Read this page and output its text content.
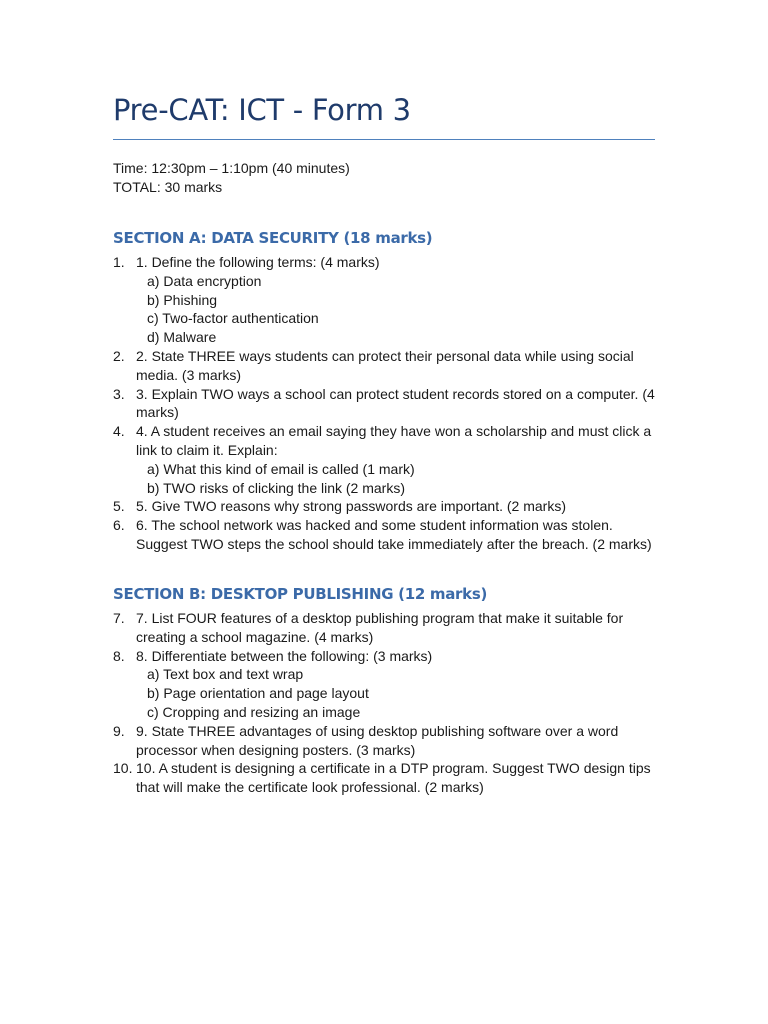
Pre-CAT: ICT - Form 3
Time: 12:30pm – 1:10pm (40 minutes)
TOTAL: 30 marks
SECTION A: DATA SECURITY (18 marks)
1. 1. Define the following terms: (4 marks)
a) Data encryption
b) Phishing
c) Two-factor authentication
d) Malware
2. 2. State THREE ways students can protect their personal data while using social media. (3 marks)
3. 3. Explain TWO ways a school can protect student records stored on a computer. (4 marks)
4. 4. A student receives an email saying they have won a scholarship and must click a link to claim it. Explain:
a) What this kind of email is called (1 mark)
b) TWO risks of clicking the link (2 marks)
5. 5. Give TWO reasons why strong passwords are important. (2 marks)
6. 6. The school network was hacked and some student information was stolen. Suggest TWO steps the school should take immediately after the breach. (2 marks)
SECTION B: DESKTOP PUBLISHING (12 marks)
7. 7. List FOUR features of a desktop publishing program that make it suitable for creating a school magazine. (4 marks)
8. 8. Differentiate between the following: (3 marks)
a) Text box and text wrap
b) Page orientation and page layout
c) Cropping and resizing an image
9. 9. State THREE advantages of using desktop publishing software over a word processor when designing posters. (3 marks)
10. 10. A student is designing a certificate in a DTP program. Suggest TWO design tips that will make the certificate look professional. (2 marks)
